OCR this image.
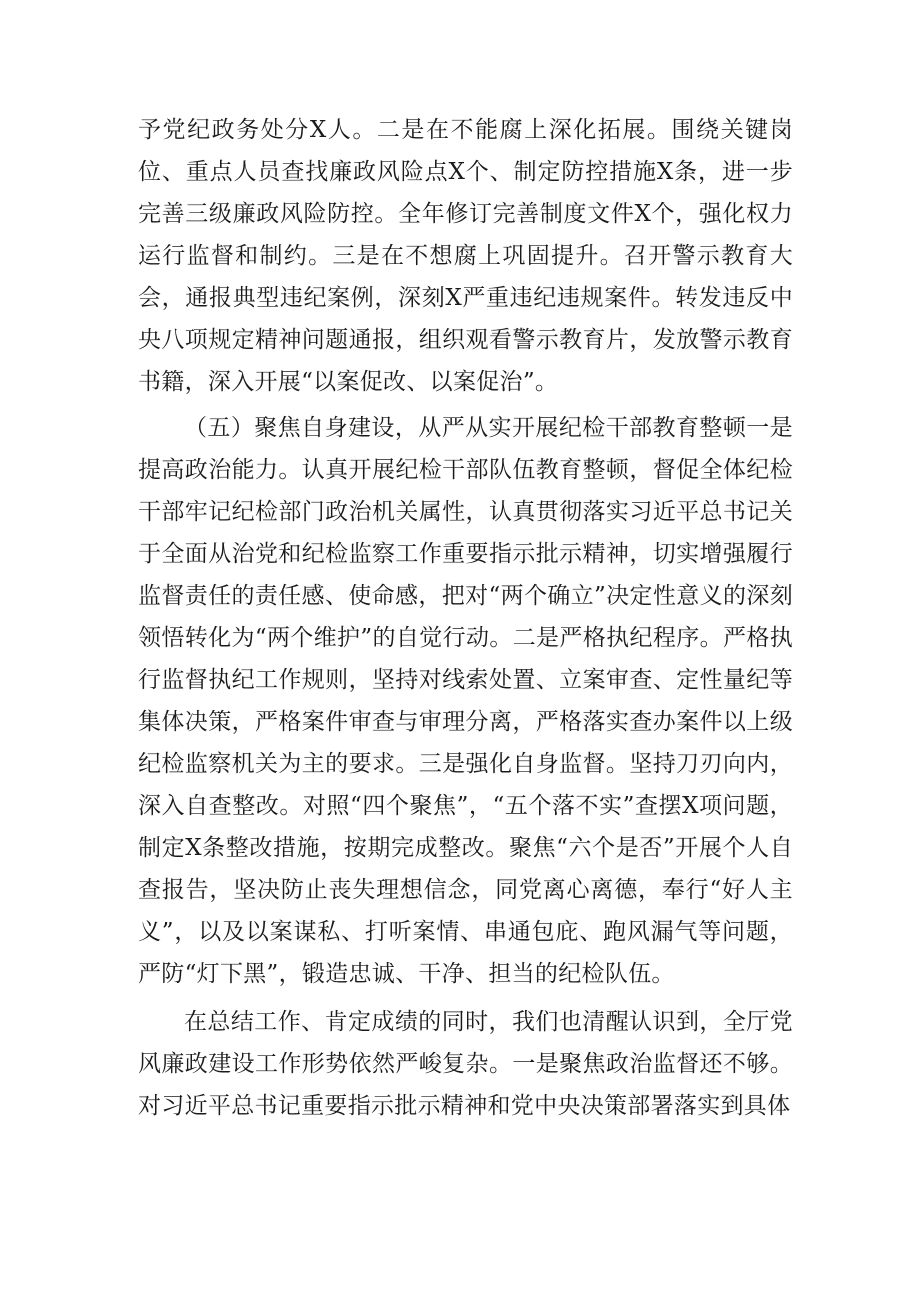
予党纪政务处分X人。二是在不能腐上深化拓展。围绕关键岗位、重点人员查找廉政风险点X个、制定防控措施X条，进一步完善三级廉政风险防控。全年修订完善制度文件X个，强化权力运行监督和制约。三是在不想腐上巩固提升。召开警示教育大会，通报典型违纪案例，深刻X严重违纪违规案件。转发违反中央八项规定精神问题通报，组织观看警示教育片，发放警示教育书籍，深入开展“以案促改、以案促治”。

（五）聚焦自身建设，从严从实开展纪检干部教育整顿一是提高政治能力。认真开展纪检干部队伍教育整顿，督促全体纪检干部牢记纪检部门政治机关属性，认真贯彻落实习近平总书记关于全面从治党和纪检监察工作重要指示批示精神，切实增强履行监督责任的责任感、使命感，把对“两个确立”决定性意义的深刻领悟转化为“两个维护”的自觉行动。二是严格执纪程序。严格执行监督执纪工作规则，坚持对线索处置、立案审查、定性量纪等集体决策，严格案件审查与审理分离，严格落实查办案件以上级纪检监察机关为主的要求。三是强化自身监督。坚持刀刃向内，深入自查整改。对照“四个聚焦”，“五个落不实”查摆X项问题，制定X条整改措施，按期完成整改。聚焦“六个是否”开展个人自查报告，坚决防止丧失理想信念，同党离心离德，奉行“好人主义”，以及以案谋私、打听案情、串通包庇、跑风漏气等问题，严防“灯下黑”，锻造忠诚、干净、担当的纪检队伍。

在总结工作、肯定成绩的同时，我们也清醒认识到，全厅党风廉政建设工作形势依然严峻复杂。一是聚焦政治监督还不够。对习近平总书记重要指示批示精神和党中央决策部署落实到具体
